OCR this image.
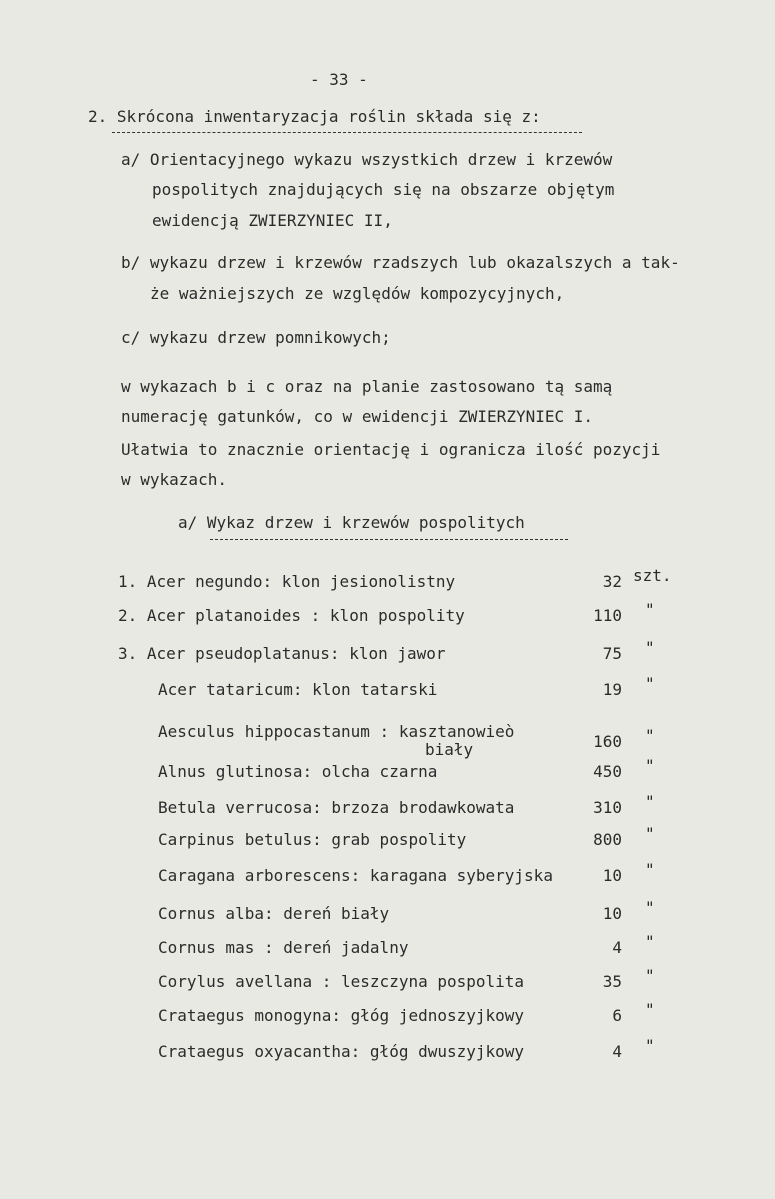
- 33 -
2. Skrócona inwentaryzacja roślin składa się z:
a/ Orientacyjnego wykazu wszystkich drzew i krzewów
pospolitych znajdujących się na obszarze objętym
ewidencją ZWIERZYNIEC II,
b/ wykazu drzew i krzewów rzadszych lub okazalszych a tak-
że ważniejszych ze względów kompozycyjnych,
c/ wykazu drzew pomnikowych;
w wykazach b i c oraz na planie zastosowano tą samą
numerację gatunków, co w ewidencji ZWIERZYNIEC I.
Ułatwia to znacznie orientację i ogranicza ilość pozycji
w wykazach.
a/ Wykaz drzew i krzewów pospolitych
1. Acer negundo: klon jesionolistny	32 szt.
2. Acer platanoides : klon pospolity	110 "
3. Acer pseudoplatanus: klon jawor	75 "
Acer tataricum: klon tatarski	19 "
Aesculus hippocastanum : kasztanowieò
biały	160 "
Alnus glutinosa: olcha czarna	450 "
Betula verrucosa: brzoza brodawkowata	310 "
Carpinus betulus: grab pospolity	800 "
Caragana arborescens: karagana syberyjska	10 "
Cornus alba: dereń biały	10 "
Cornus mas : dereń jadalny	4 "
Corylus avellana : leszczyna pospolita	35 "
Crataegus monogyna: głóg jednoszyjkowy	6 "
Crataegus oxyacantha: głóg dwuszyjkowy	4 "
